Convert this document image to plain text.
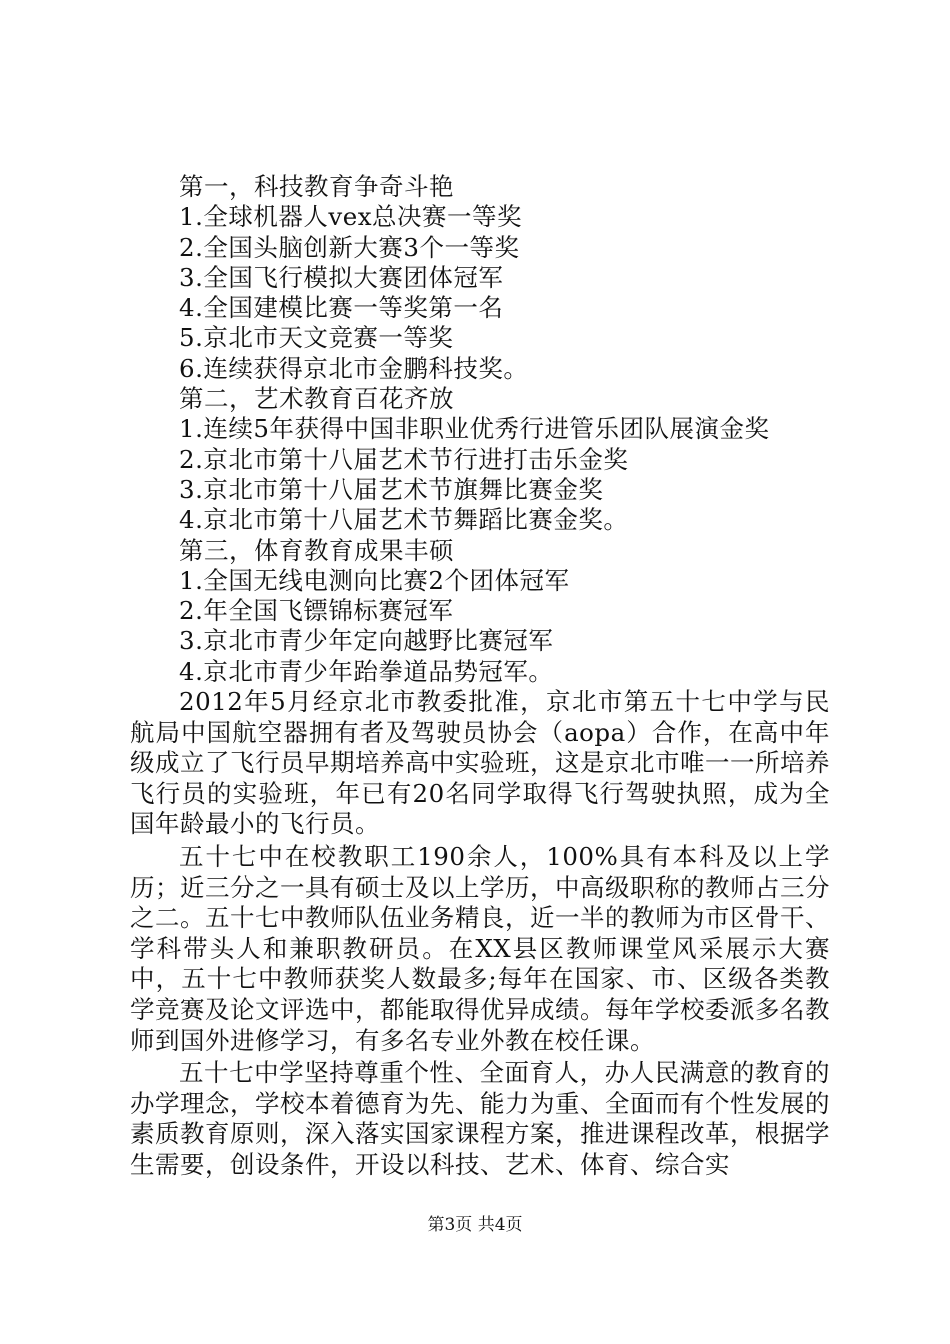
第一，科技教育争奇斗艳
1.全球机器人vex总决赛一等奖
2.全国头脑创新大赛3个一等奖
3.全国飞行模拟大赛团体冠军
4.全国建模比赛一等奖第一名
5.京北市天文竞赛一等奖
6.连续获得京北市金鹏科技奖。
第二，艺术教育百花齐放
1.连续5年获得中国非职业优秀行进管乐团队展演金奖
2.京北市第十八届艺术节行进打击乐金奖
3.京北市第十八届艺术节旗舞比赛金奖
4.京北市第十八届艺术节舞蹈比赛金奖。
第三，体育教育成果丰硕
1.全国无线电测向比赛2个团体冠军
2.年全国飞镖锦标赛冠军
3.京北市青少年定向越野比赛冠军
4.京北市青少年跆拳道品势冠军。

2012年5月经京北市教委批准，京北市第五十七中学与民航局中国航空器拥有者及驾驶员协会（aopa）合作，在高中年级成立了飞行员早期培养高中实验班，这是京北市唯一一所培养飞行员的实验班，年已有20名同学取得飞行驾驶执照，成为全国年龄最小的飞行员。

五十七中在校教职工190余人，100%具有本科及以上学历；近三分之一具有硕士及以上学历，中高级职称的教师占三分之二。五十七中教师队伍业务精良，近一半的教师为市区骨干、学科带头人和兼职教研员。在XX县区教师课堂风采展示大赛中，五十七中教师获奖人数最多;每年在国家、市、区级各类教学竞赛及论文评选中，都能取得优异成绩。每年学校委派多名教师到国外进修学习，有多名专业外教在校任课。

五十七中学坚持尊重个性、全面育人，办人民满意的教育的办学理念，学校本着德育为先、能力为重、全面而有个性发展的素质教育原则，深入落实国家课程方案，推进课程改革，根据学生需要，创设条件，开设以科技、艺术、体育、综合实

第3页 共4页
